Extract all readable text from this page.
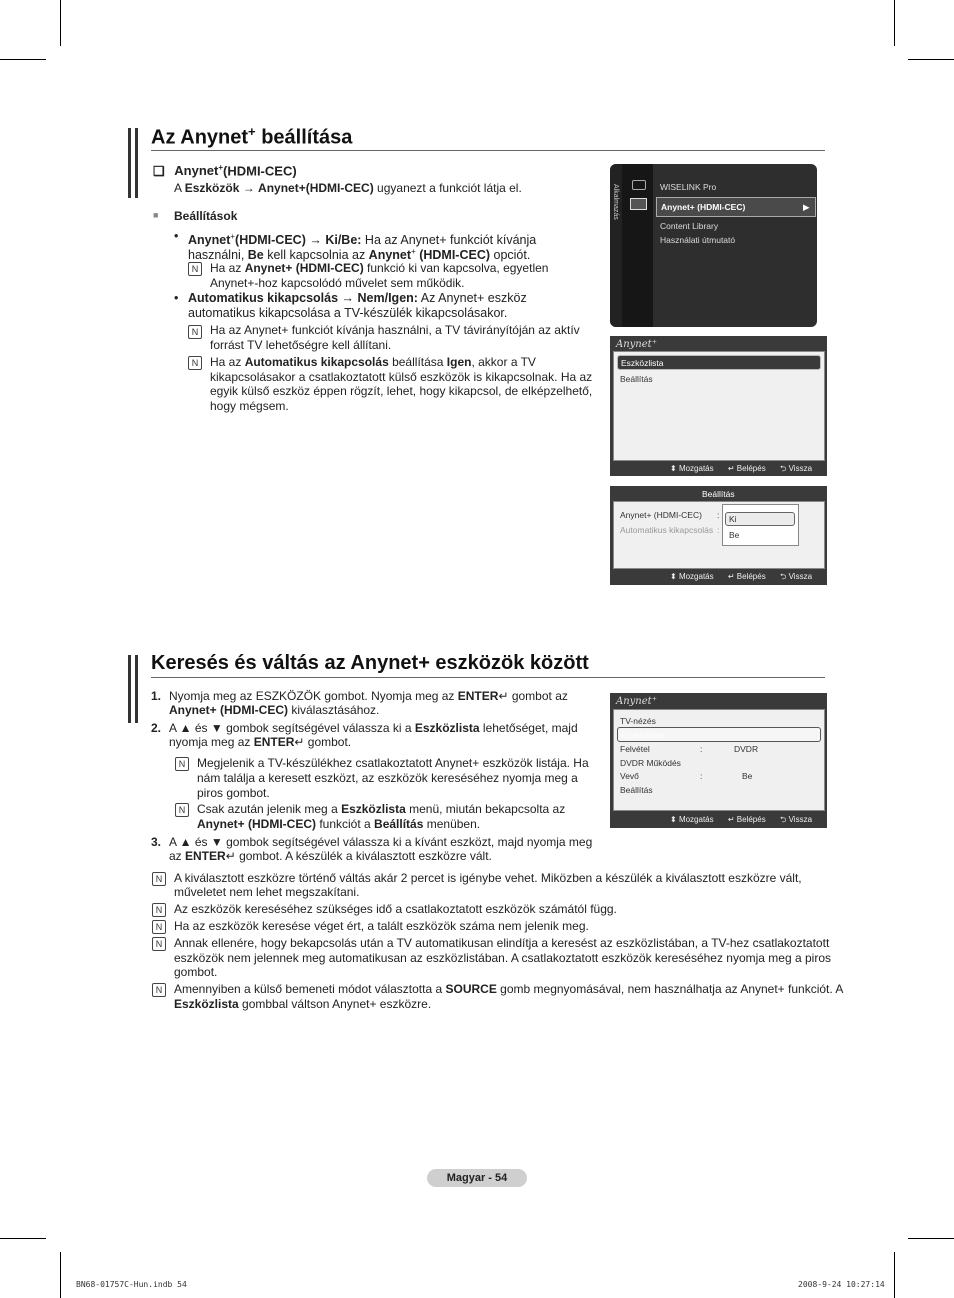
Az Anynet+ beállítása
❑ Anynet+(HDMI-CEC)
A Eszközök → Anynet+(HDMI-CEC) ugyanezt a funkciót látja el.
■ Beállítások
• Anynet+(HDMI-CEC) → Ki/Be: Ha az Anynet+ funkciót kívánja
használni, Be kell kapcsolnia az Anynet+ (HDMI-CEC) opciót.
N Ha az Anynet+ (HDMI-CEC) funkció ki van kapcsolva, egyetlen
Anynet+-hoz kapcsolódó művelet sem működik.
• Automatikus kikapcsolás → Nem/Igen: Az Anynet+ eszköz
automatikus kikapcsolása a TV-készülék kikapcsolásakor.
N Ha az Anynet+ funkciót kívánja használni, a TV távirányítóján az aktív
forrást TV lehetőségre kell állítani.
N Ha az Automatikus kikapcsolás beállítása Igen, akkor a TV
kikapcsolásakor a csatlakoztatott külső eszközök is kikapcsolnak. Ha az
egyik külső eszköz éppen rögzít, lehet, hogy kikapcsol, de elképzelhető,
hogy mégsem.
Alkalmazás	WISELINK Pro
Anynet+ (HDMI-CEC)	▶
Content Library
Használati útmutató
Anynet⁺
Eszközlista
Beállítás
⬍ Mozgatás ↵ Belépés ⮌ Vissza
Beállítás
Anynet+ (HDMI-CEC) :
Automatikus kikapcsolás :
Ki
Be
⬍ Mozgatás ↵ Belépés ⮌ Vissza
Keresés és váltás az Anynet+ eszközök között
1. Nyomja meg az ESZKÖZÖK gombot. Nyomja meg az ENTER↵ gombot az
Anynet+ (HDMI-CEC) kiválasztásához.
2. A ▲ és ▼ gombok segítségével válassza ki a Eszközlista lehetőséget, majd
nyomja meg az ENTER↵ gombot.
N Megjelenik a TV-készülékhez csatlakoztatott Anynet+ eszközök listája. Ha
nám találja a keresett eszközt, az eszközök kereséséhez nyomja meg a
piros gombot.
N Csak azután jelenik meg a Eszközlista menü, miután bekapcsolta az
Anynet+ (HDMI-CEC) funkciót a Beállítás menüben.
3. A ▲ és ▼ gombok segítségével válassza ki a kívánt eszközt, majd nyomja meg
az ENTER↵ gombot. A készülék a kiválasztott eszközre vált.
N A kiválasztott eszközre történő váltás akár 2 percet is igénybe vehet. Miközben a készülék a kiválasztott eszközre vált,
műveletet nem lehet megszakítani.
N Az eszközök kereséséhez szükséges idő a csatlakoztatott eszközök számától függ.
N Ha az eszközök keresése véget ért, a talált eszközök száma nem jelenik meg.
N Annak ellenére, hogy bekapcsolás után a TV automatikusan elindítja a keresést az eszközlistában, a TV-hez csatlakoztatott
eszközök nem jelennek meg automatikusan az eszközlistában. A csatlakoztatott eszközök kereséséhez nyomja meg a piros
gombot.
N Amennyiben a külső bemeneti módot választotta a SOURCE gomb megnyomásával, nem használhatja az Anynet+ funkciót. A
Eszközlista gombbal váltson Anynet+ eszközre.
Anynet⁺
TV-nézés
Eszközlista
Felvétel	:	DVDR
DVDR Működés
Vevő	:	Be
Beállítás
⬍ Mozgatás ↵ Belépés ⮌ Vissza
Magyar - 54
BN68-01757C-Hun.indb 54	2008-9-24 10:27:14
